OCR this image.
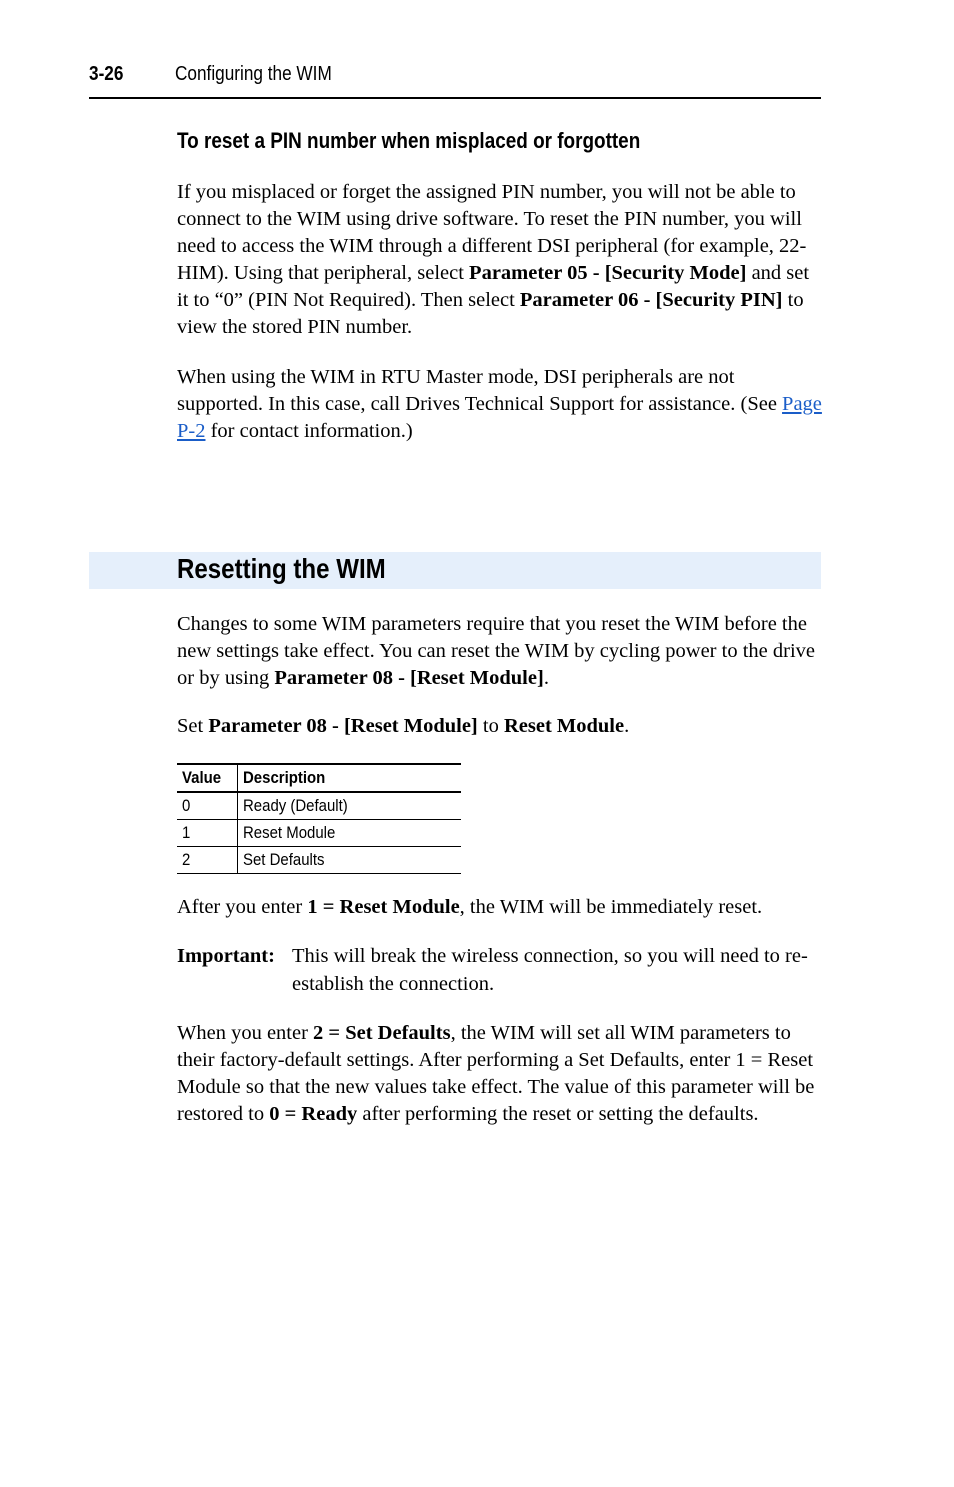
3-26	Configuring the WIM
To reset a PIN number when misplaced or forgotten

If you misplaced or forget the assigned PIN number, you will not be able to connect to the WIM using drive software. To reset the PIN number, you will need to access the WIM through a different DSI peripheral (for example, 22-HIM). Using that peripheral, select Parameter 05 - [Security Mode] and set it to “0” (PIN Not Required). Then select Parameter 06 - [Security PIN] to view the stored PIN number.

When using the WIM in RTU Master mode, DSI peripherals are not supported. In this case, call Drives Technical Support for assistance. (See Page P-2 for contact information.)

Resetting the WIM

Changes to some WIM parameters require that you reset the WIM before the new settings take effect. You can reset the WIM by cycling power to the drive or by using Parameter 08 - [Reset Module].

Set Parameter 08 - [Reset Module] to Reset Module.

Value	Description
0	Ready (Default)
1	Reset Module
2	Set Defaults

After you enter 1 = Reset Module, the WIM will be immediately reset.

Important: This will break the wireless connection, so you will need to re-establish the connection.

When you enter 2 = Set Defaults, the WIM will set all WIM parameters to their factory-default settings. After performing a Set Defaults, enter 1 = Reset Module so that the new values take effect. The value of this parameter will be restored to 0 = Ready after performing the reset or setting the defaults.
